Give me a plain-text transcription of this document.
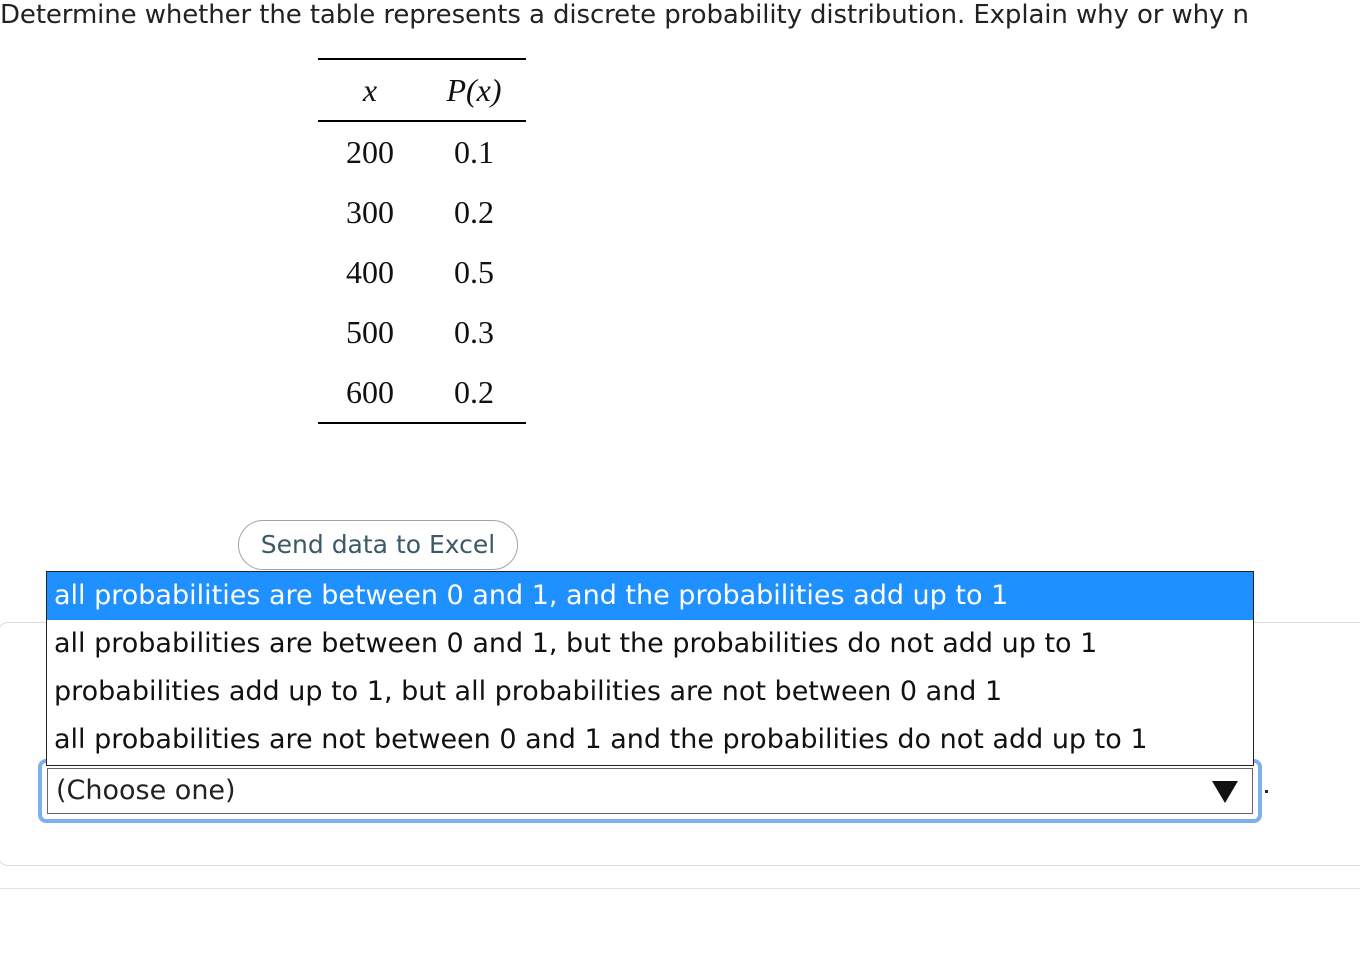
Determine whether the table represents a discrete probability distribution. Explain why or why n
x	P(x)
200	0.1
300	0.2
400	0.5
500	0.3
600	0.2
Send data to Excel
(Choose one)
all probabilities are between 0 and 1, and the probabilities add up to 1
all probabilities are between 0 and 1, but the probabilities do not add up to 1
probabilities add up to 1, but all probabilities are not between 0 and 1
all probabilities are not between 0 and 1 and the probabilities do not add up to 1
